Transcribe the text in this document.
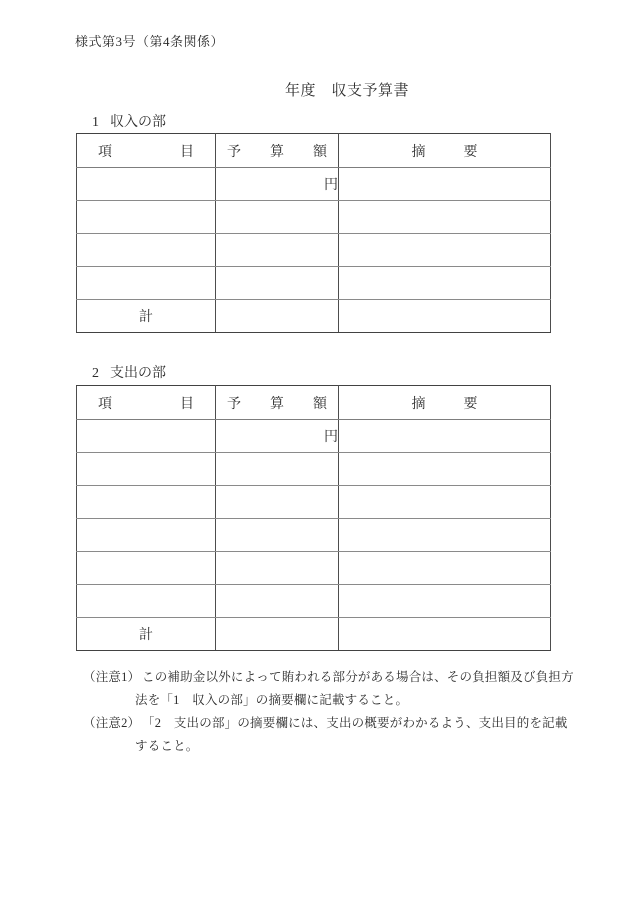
様式第3号（第4条関係）
年度　収支予算書
1 収入の部
項 目	予 算 額	摘 要

	円	

計		
2 支出の部
項 目	予 算 額	摘 要

	円	

計		
（注意1） この補助金以外によって賄われる部分がある場合は、その負担額及び負担方
法を「1　収入の部」の摘要欄に記載すること。
（注意2） 「2　支出の部」の摘要欄には、支出の概要がわかるよう、支出目的を記載
すること。
